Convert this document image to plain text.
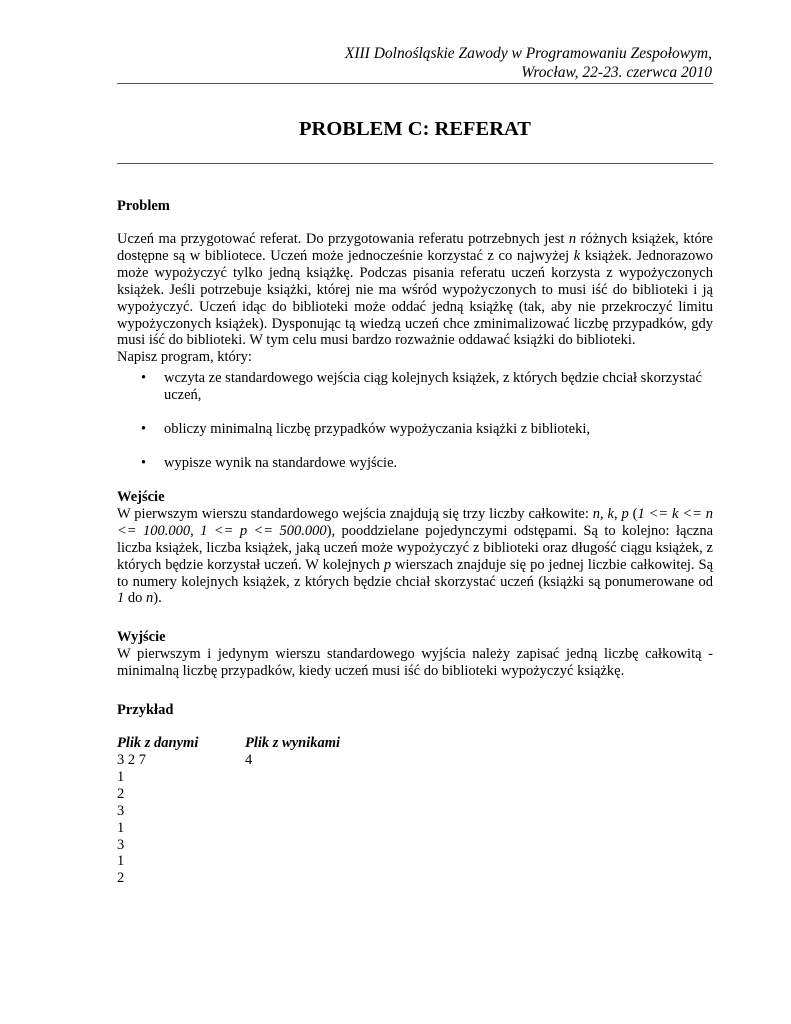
XIII Dolnośląskie Zawody w Programowaniu Zespołowym,
Wrocław, 22-23. czerwca 2010
PROBLEM C: REFERAT
Problem

Uczeń ma przygotować referat. Do przygotowania referatu potrzebnych jest n różnych książek, które dostępne są w bibliotece. Uczeń może jednocześnie korzystać z co najwyżej k książek. Jednorazowo może wypożyczyć tylko jedną książkę. Podczas pisania referatu uczeń korzysta z wypożyczonych książek. Jeśli potrzebuje książki, której nie ma wśród wypożyczonych to musi iść do biblioteki i ją wypożyczyć. Uczeń idąc do biblioteki może oddać jedną książkę (tak, aby nie przekroczyć limitu wypożyczonych książek). Dysponując tą wiedzą uczeń chce zminimalizować liczbę przypadków, gdy musi iść do biblioteki. W tym celu musi bardzo rozważnie oddawać książki do biblioteki.

Napisz program, który:

• wczyta ze standardowego wejścia ciąg kolejnych książek, z których będzie chciał skorzystać uczeń,
• obliczy minimalną liczbę przypadków wypożyczania książki z biblioteki,
• wypisze wynik na standardowe wyjście.
Wejście

W pierwszym wierszu standardowego wejścia znajdują się trzy liczby całkowite: n, k, p (1 <= k <= n <= 100.000, 1 <= p <= 500.000), pooddzielane pojedynczymi odstępami. Są to kolejno: łączna liczba książek, liczba książek, jaką uczeń może wypożyczyć z biblioteki oraz długość ciągu książek, z których będzie korzystał uczeń. W kolejnych p wierszach znajduje się po jednej liczbie całkowitej. Są to numery kolejnych książek, z których będzie chciał skorzystać uczeń (książki są ponumerowane od 1 do n).

Wyjście

W pierwszym i jedynym wierszu standardowego wyjścia należy zapisać jedną liczbę całkowitą - minimalną liczbę przypadków, kiedy uczeń musi iść do biblioteki wypożyczyć książkę.

Przykład
Plik z danymi
3 2 7
1
2
3
1
3
1
2
Plik z wynikami
4
